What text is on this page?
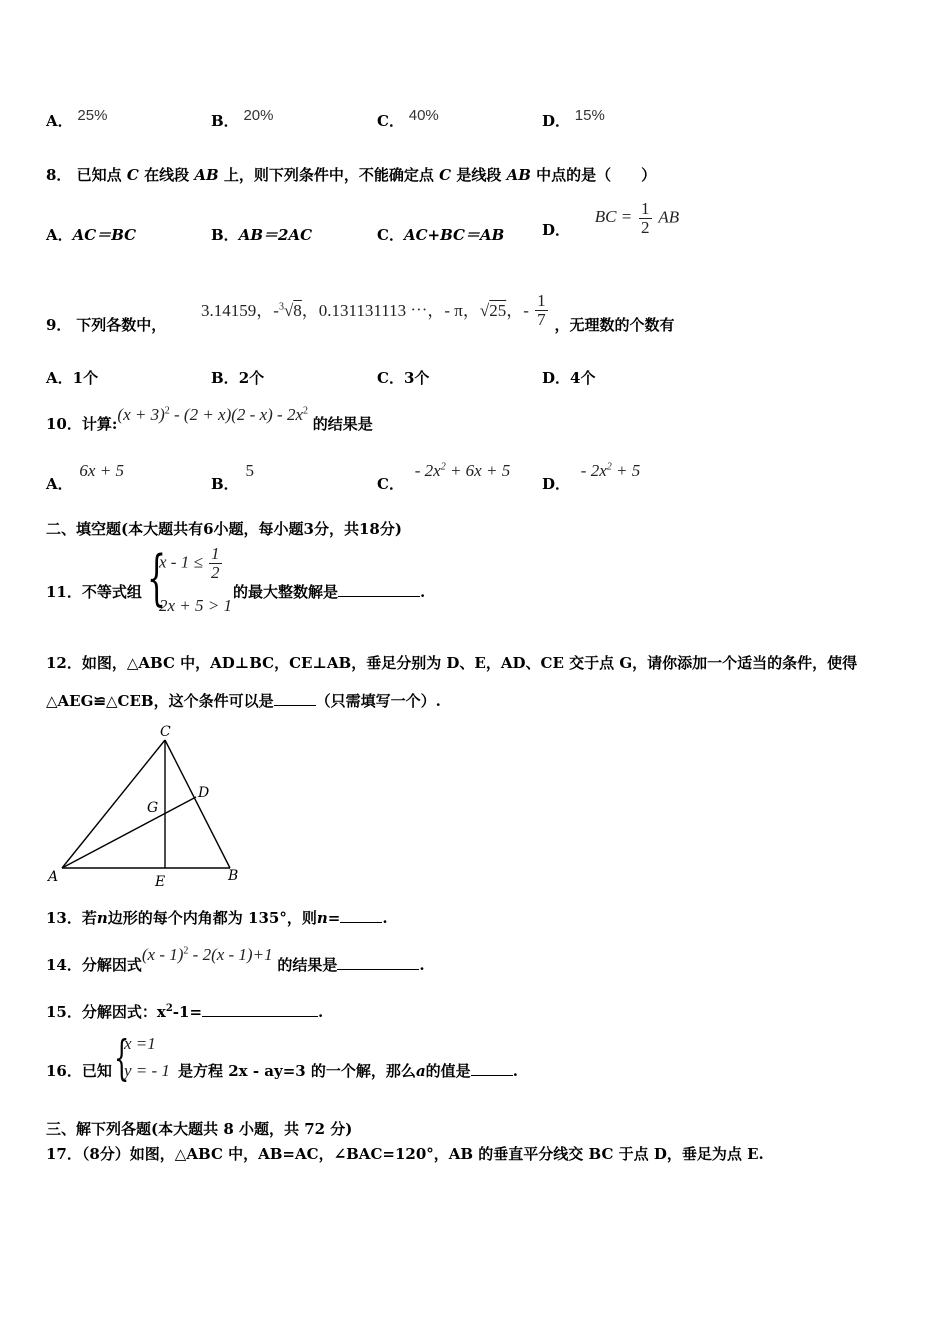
A． 25%	B． 20%	C． 40%	D． 15%
8． 已知点 C 在线段 AB 上，则下列条件中，不能确定点 C 是线段 AB 中点的是（　　）
A．AC＝BC	B．AB＝2AC	C．AC+BC＝AB	D． BC = $\frac{1}{2}$ AB
9． 下列各数中， 3.14159，-$^3$√8，0.131131113 ⋯，- π，√25，- $\frac{1}{7}$ ，无理数的个数有
A．1个	B．2个	C．3个	D．4个
10．计算:(x + $3)^2 - (2 + x)(2 - x) - 2x^2$ 的结果是
A． 6x + 5
B． 5
C． - $2x^2 + 6x + 5$
D． - $2x^2 + 5$
二、填空题(本大题共有6小题，每小题3分，共18分)
11．不等式组 {
$x - 1 \le \frac{1}{2}$
2x + 5 > 1
的最大整数解是	.
12．如图，△ABC 中，AD⊥BC，CE⊥AB，垂足分别为 D、E，AD、CE 交于点 G，请你添加一个适当的条件，使得
△AEG≌△CEB，这个条件可以是	（只需填写一个）.
C
A	B
E
D
G
13．若n边形的每个内角都为 135°，则n=	.
14．分解因式(x - 1)$^2$ - 2(x - 1)+1 的结果是	.
15．分解因式：$x^2-1=$	.
16．已知 {
x =1
y = - 1 是方程 2x - ay=3 的一个解，那么a的值是	.
三、解下列各题(本大题共 8 小题，共 72 分)
17．（8分）如图，△ABC 中，AB=AC，∠BAC=120°，AB 的垂直平分线交 BC 于点 D，垂足为点 E.
